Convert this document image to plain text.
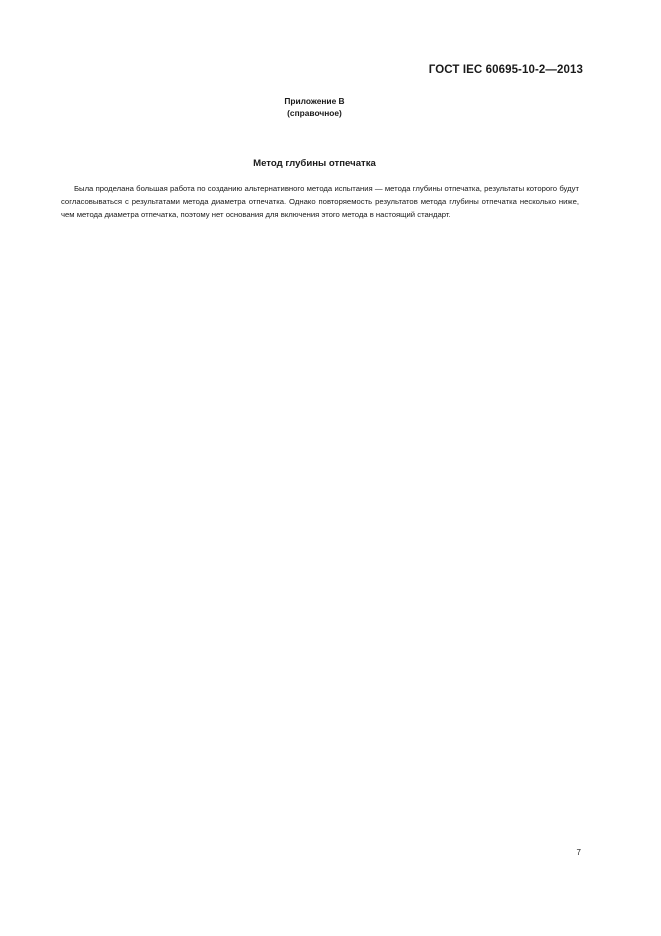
ГОСТ IEC 60695-10-2—2013
Приложение В
(справочное)
Метод глубины отпечатка

Была проделана большая работа по созданию альтернативного метода испытания — метода глубины отпечатка, результаты которого будут согласовываться с результатами метода диаметра отпечатка. Однако повторяемость результатов метода глубины отпечатка несколько ниже, чем метода диаметра отпечатка, поэтому нет основания для включения этого метода в настоящий стандарт.

7
